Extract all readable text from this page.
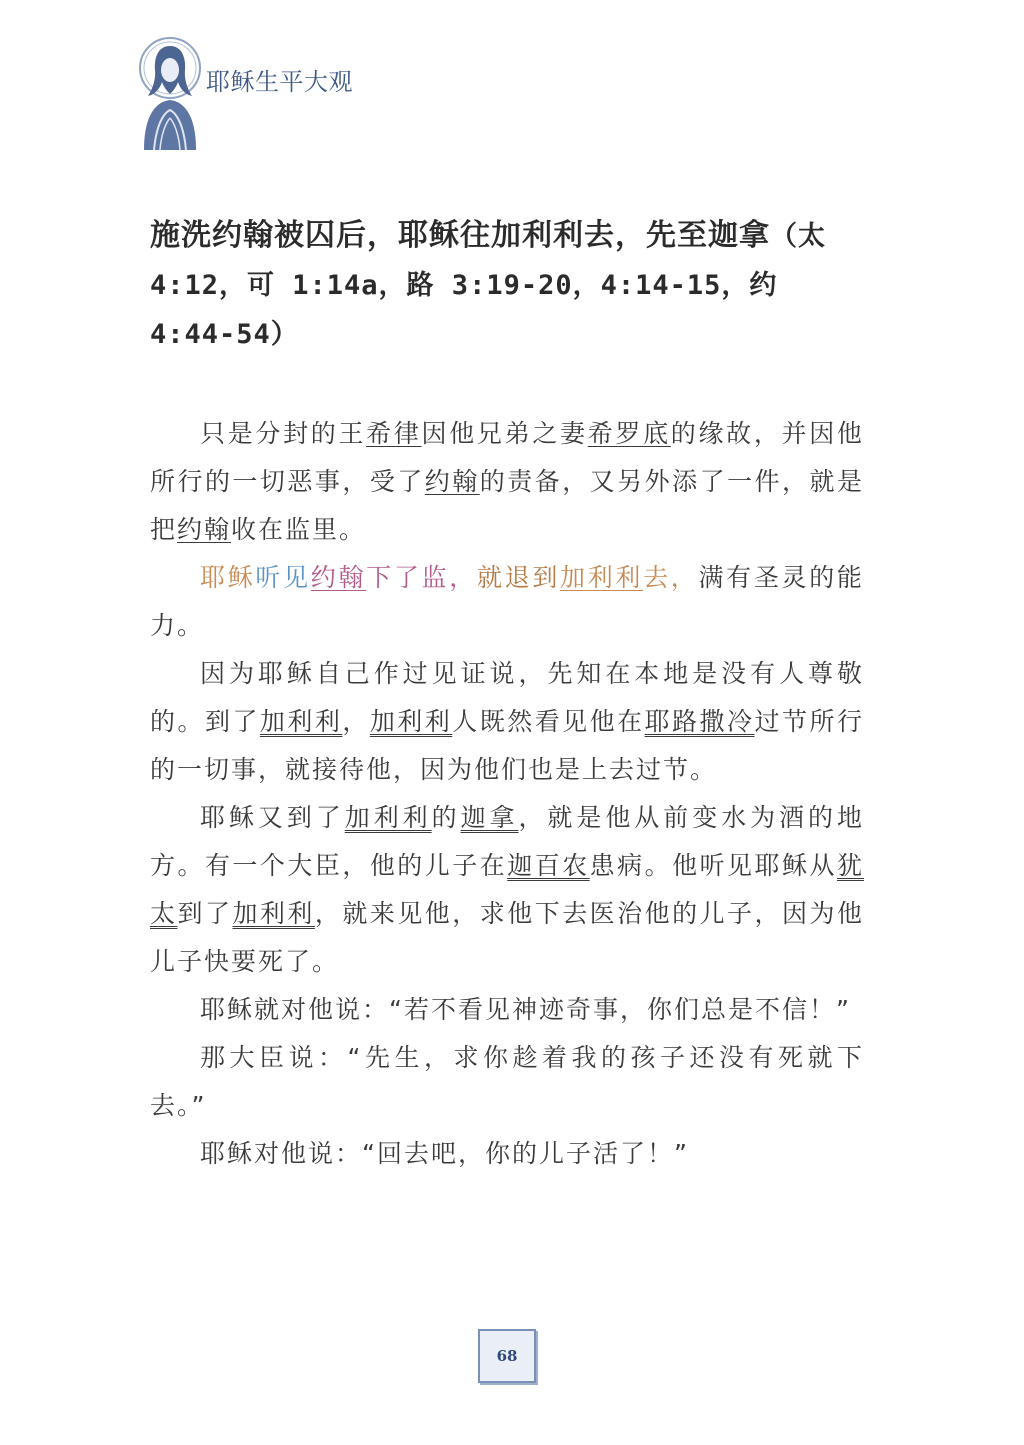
耶稣生平大观
施洗约翰被囚后，耶稣往加利利去，先至迦拿（太 4:12，可 1:14a，路 3:19-20，4:14-15，约 4:44-54）

只是分封的王希律因他兄弟之妻希罗底的缘故，并因他所行的一切恶事，受了约翰的责备，又另外添了一件，就是把约翰收在监里。

耶稣听见约翰下了监，就退到加利利去，满有圣灵的能力。

因为耶稣自己作过见证说，先知在本地是没有人尊敬的。到了加利利，加利利人既然看见他在耶路撒冷过节所行的一切事，就接待他，因为他们也是上去过节。

耶稣又到了加利利的迦拿，就是他从前变水为酒的地方。有一个大臣，他的儿子在迦百农患病。他听见耶稣从犹太到了加利利，就来见他，求他下去医治他的儿子，因为他儿子快要死了。

耶稣就对他说：“若不看见神迹奇事，你们总是不信！”

那大臣说：“先生，求你趁着我的孩子还没有死就下去。”

耶稣对他说：“回去吧，你的儿子活了！”

68
